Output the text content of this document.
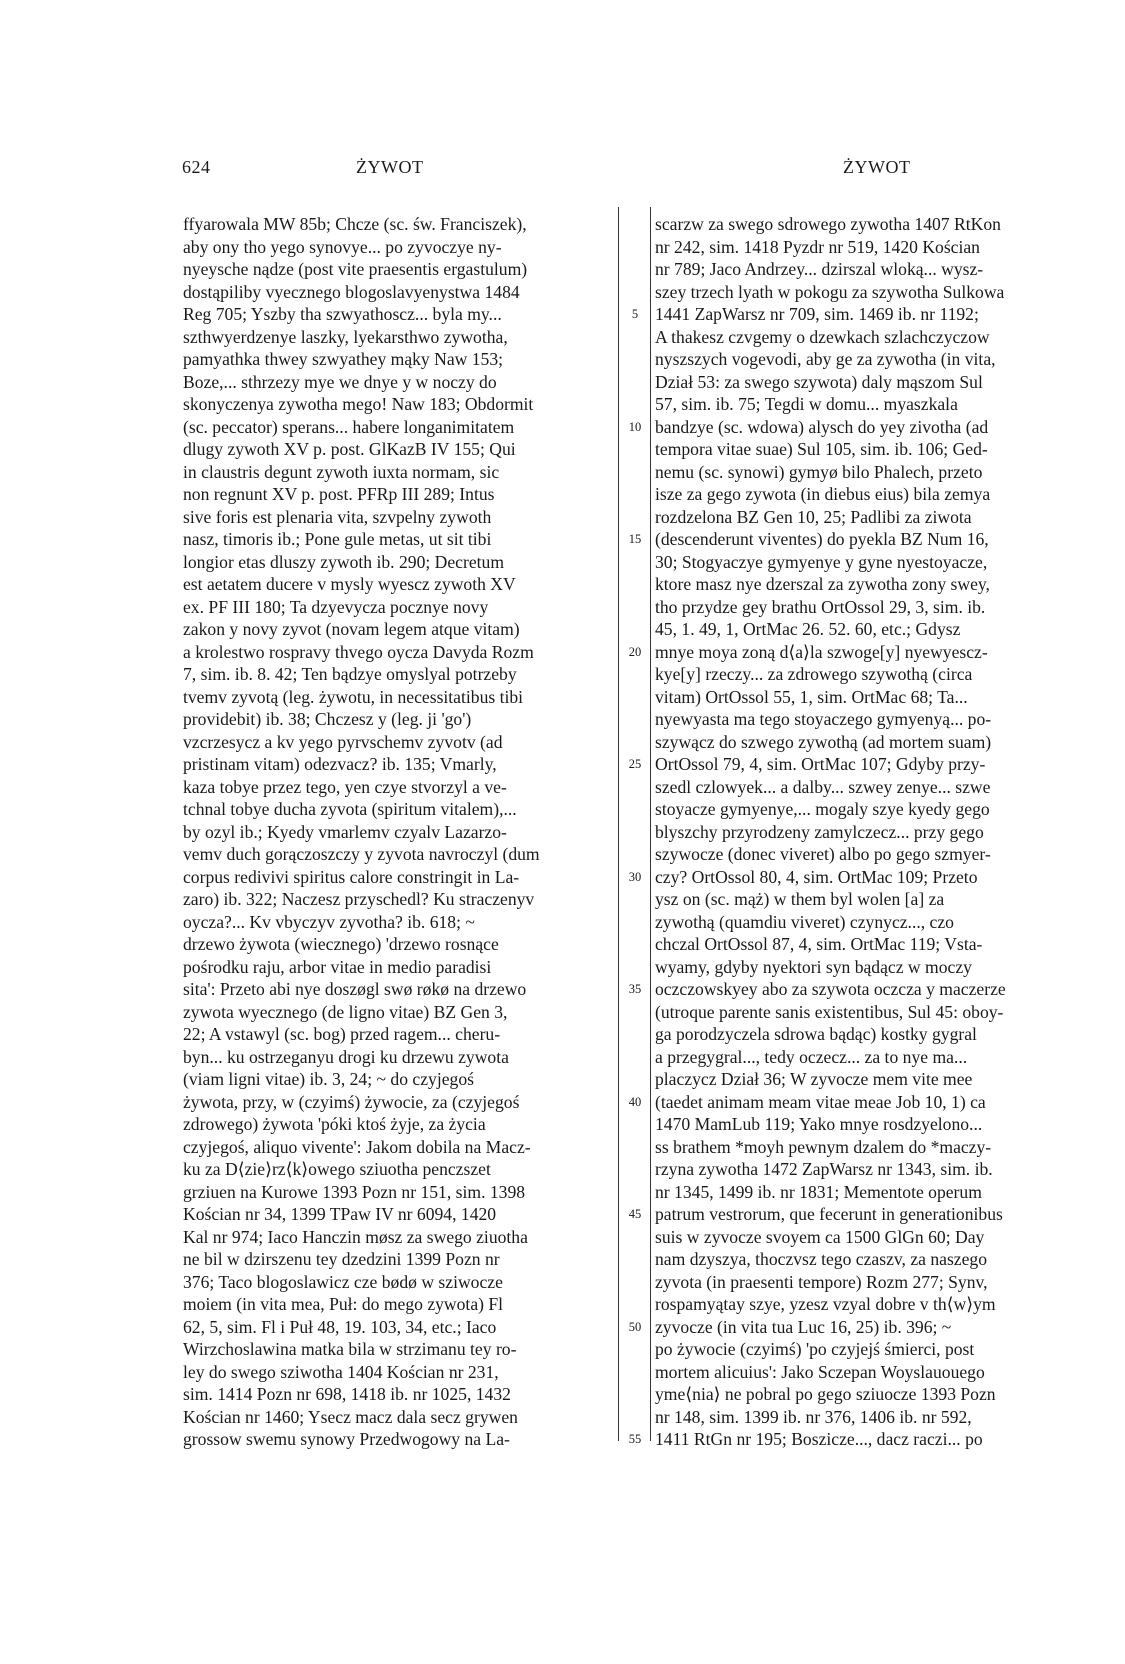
624	ŻYWOT	ŻYWOT
ffyarowala MW 85b; Chcze (sc. św. Franciszek),
aby ony tho yego synovye... po zyvoczye ny-
nyeysche nądze (post vite praesentis ergastulum)
dostąpiliby vyecznego blogoslavyenystwa 1484
Reg 705; Yszby tha szwyathoscz... byla my...
szthwyerdzenye laszky, lyekarsthwo zywotha,
pamyathka thwey szwyathey mąky Naw 153;
Boze,... sthrzezy mye we dnye y w noczy do
skonyczenya zywotha mego! Naw 183; Obdormit
(sc. peccator) sperans... habere longanimitatem
dlugy zywoth XV p. post. GlKazB IV 155; Qui
in claustris degunt zywoth iuxta normam, sic
non regnunt XV p. post. PFRp III 289; Intus
sive foris est plenaria vita, szvpelny zywoth
nasz, timoris ib.; Pone gule metas, ut sit tibi
longior etas dluszy zywoth ib. 290; Decretum
est aetatem ducere v mysly wyescz zywoth XV
ex. PF III 180; Ta dzyevycza pocznye novy
zakon y novy zyvot (novam legem atque vitam)
a krolestwo rospravy thvego oycza Davyda Rozm
7, sim. ib. 8. 42; Ten bądzye omyslyal potrzeby
tvemv zyvotą (leg. żywotu, in necessitatibus tibi
providebit) ib. 38; Chczesz y (leg. ji 'go')
vzcrzesycz a kv yego pyrvschemv zyvotv (ad
pristinam vitam) odezvacz? ib. 135; Vmarly,
kaza tobye przez tego, yen czye stvorzyl a ve-
tchnal tobye ducha zyvota (spiritum vitalem),...
by ozyl ib.; Kyedy vmarlemv czyalv Lazarzo-
vemv duch gorączoszczy y zyvota navroczyl (dum
corpus redivivi spiritus calore constringit in La-
zaro) ib. 322; Naczesz przyschedl? Ku straczenyv
oycza?... Kv vbyczyv zyvotha? ib. 618; ~
drzewo żywota (wiecznego) 'drzewo rosnące
pośrodku raju, arbor vitae in medio paradisi
sita': Przeto abi nye doszøgl swø røkø na drzewo
zywota wyecznego (de ligno vitae) BZ Gen 3,
22; A vstawyl (sc. bog) przed ragem... cheru-
byn... ku ostrzeganyu drogi ku drzewu zywota
(viam ligni vitae) ib. 3, 24; ~ do czyjegoś
żywota, przy, w (czyimś) żywocie, za (czyjegoś
zdrowego) żywota 'póki ktoś żyje, za życia
czyjegoś, aliquo vivente': Jakom dobila na Macz-
ku za D⟨zie⟩rz⟨k⟩owego sziuotha penczszet
grziuen na Kurowe 1393 Pozn nr 151, sim. 1398
Kościan nr 34, 1399 TPaw IV nr 6094, 1420
Kal nr 974; Iaco Hanczin møsz za swego ziuotha
ne bil w dzirszenu tey dzedzini 1399 Pozn nr
376; Taco blogoslawicz cze bødø w sziwocze
moiem (in vita mea, Puł: do mego zywota) Fl
62, 5, sim. Fl i Puł 48, 19. 103, 34, etc.; Iaco
Wirzchoslawina matka bila w strzimanu tey ro-
ley do swego sziwotha 1404 Kościan nr 231,
sim. 1414 Pozn nr 698, 1418 ib. nr 1025, 1432
Kościan nr 1460; Ysecz macz dala secz grywen
grossow swemu synowy Przedwogowy na La-
scarzw za swego sdrowego zywotha 1407 RtKon
nr 242, sim. 1418 Pyzdr nr 519, 1420 Kościan
nr 789; Jaco Andrzey... dzirszal wloką... wysz-
szey trzech lyath w pokogu za szywotha Sulkowa
1441 ZapWarsz nr 709, sim. 1469 ib. nr 1192;
A thakesz czvgemy o dzewkach szlachczyczow
nyszszych vogevodi, aby ge za zywotha (in vita,
Dział 53: za swego szywota) daly mąszom Sul
57, sim. ib. 75; Tegdi w domu... myaszkala
bandzye (sc. wdowa) alysch do yey zivotha (ad
tempora vitae suae) Sul 105, sim. ib. 106; Ged-
nemu (sc. synowi) gymyø bilo Phalech, przeto
isze za gego zywota (in diebus eius) bila zemya
rozdzelona BZ Gen 10, 25; Padlibi za ziwota
(descenderunt viventes) do pyekla BZ Num 16,
30; Stogyaczye gymyenye y gyne nyestoyacze,
ktore masz nye dzerszal za zywotha zony swey,
tho przydze gey brathu OrtOssol 29, 3, sim. ib.
45, 1. 49, 1, OrtMac 26. 52. 60, etc.; Gdysz
mnye moya zoną d⟨a⟩la szwoge[y] nyewyescz-
kye[y] rzeczy... za zdrowego szywothą (circa
vitam) OrtOssol 55, 1, sim. OrtMac 68; Ta...
nyewyasta ma tego stoyaczego gymyenyą... po-
szywącz do szwego zywothą (ad mortem suam)
OrtOssol 79, 4, sim. OrtMac 107; Gdyby przy-
szedl czlowyek... a dalby... szwey zenye... szwe
stoyacze gymyenye,... mogaly szye kyedy gego
blyszchy przyrodzeny zamylczecz... przy gego
szywocze (donec viveret) albo po gego szmyer-
czy? OrtOssol 80, 4, sim. OrtMac 109; Przeto
ysz on (sc. mąż) w them byl wolen [a] za
zywothą (quamdiu viveret) czynycz..., czo
chczal OrtOssol 87, 4, sim. OrtMac 119; Vsta-
wyamy, gdyby nyektori syn bądącz w moczy
oczczowskyey abo za szywota oczcza y maczerze
(utroque parente sanis existentibus, Sul 45: oboy-
ga porodzyczela sdrowa bądąc) kostky gygral
a przegygral..., tedy oczecz... za to nye ma...
placzycz Dział 36; W zyvocze mem vite mee
(taedet animam meam vitae meae Job 10, 1) ca
1470 MamLub 119; Yako mnye rosdzyelono...
ss brathem *moyh pewnym dzalem do *maczy-
rzyna zywotha 1472 ZapWarsz nr 1343, sim. ib.
nr 1345, 1499 ib. nr 1831; Mementote operum
patrum vestrorum, que fecerunt in generationibus
suis w zyvocze svoyem ca 1500 GlGn 60; Day
nam dzyszya, thoczvsz tego czaszv, za naszego
zyvota (in praesenti tempore) Rozm 277; Synv,
rospamyątay szye, yzesz vzyal dobre v th⟨w⟩ym
zyvocze (in vita tua Luc 16, 25) ib. 396; ~
po żywocie (czyimś) 'po czyjejś śmierci, post
mortem alicuius': Jako Sczepan Woyslauouego
yme⟨nia⟩ ne pobral po gego sziuocze 1393 Pozn
nr 148, sim. 1399 ib. nr 376, 1406 ib. nr 592,
1411 RtGn nr 195; Boszicze..., dacz raczi... po
5
10
15
20
25
30
35
40
45
50
55
